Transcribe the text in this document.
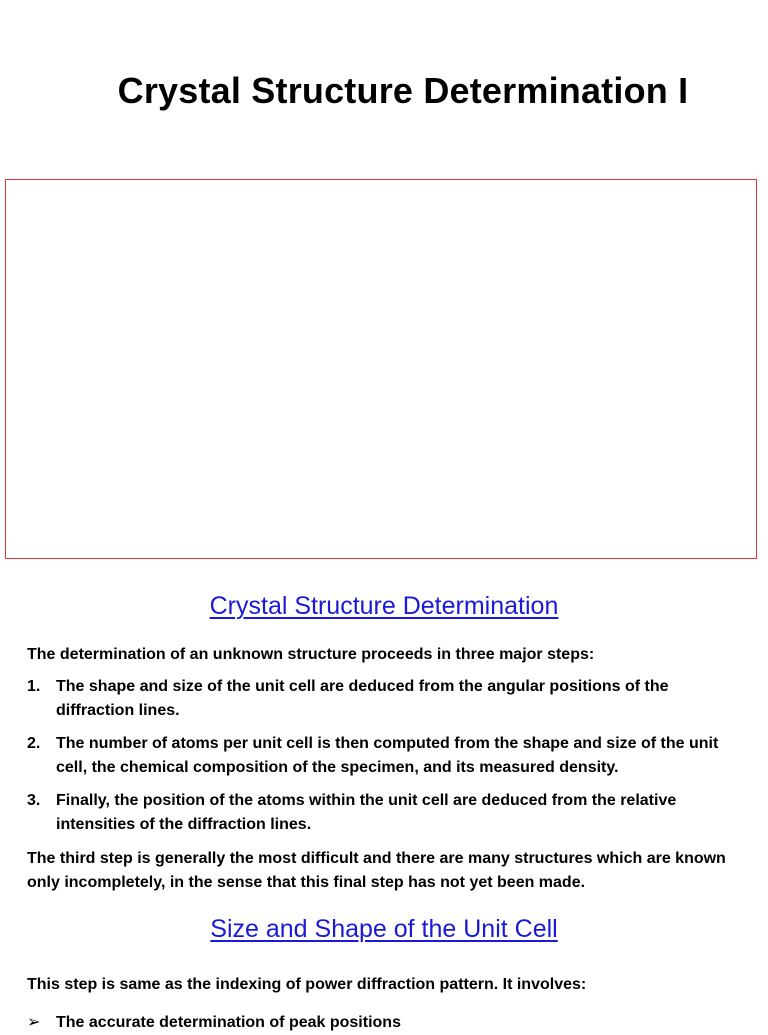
Crystal Structure Determination I
Crystal Structure Determination

The determination of an unknown structure proceeds in three major steps:

1. The shape and size of the unit cell are deduced from the angular positions of the diffraction lines.
2. The number of atoms per unit cell is then computed from the shape and size of the unit cell, the chemical composition of the specimen, and its measured density.
3. Finally, the position of the atoms within the unit cell are deduced from the relative intensities of the diffraction lines.

The third step is generally the most difficult and there are many structures which are known only incompletely, in the sense that this final step has not yet been made.

Size and Shape of the Unit Cell

This step is same as the indexing of power diffraction pattern. It involves:

➢ The accurate determination of peak positions
